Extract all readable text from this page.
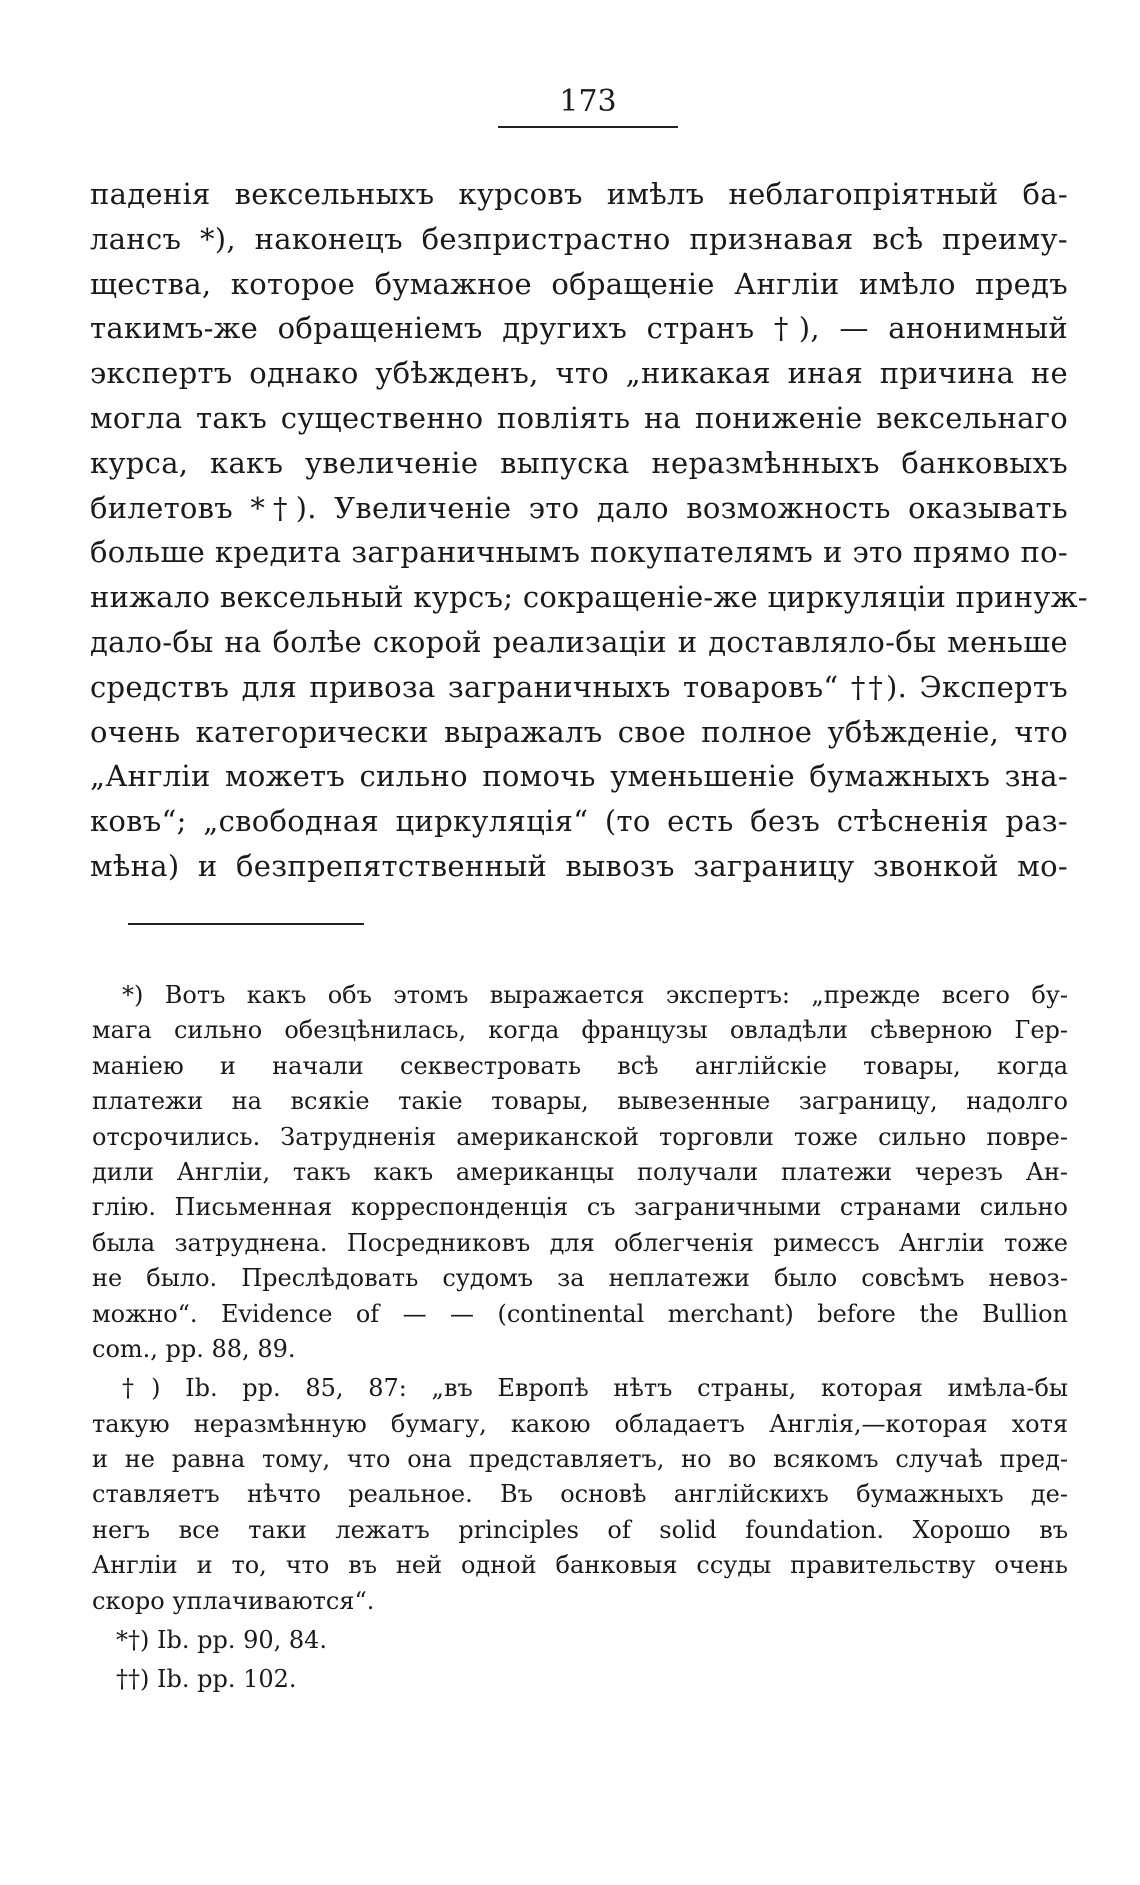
173
паденія вексельныхъ курсовъ имѣлъ неблагопріятный ба-
лансъ *), наконецъ безпристрастно признавая всѣ преиму-
щества, которое бумажное обращеніе Англіи имѣло предъ
такимъ-же обращеніемъ другихъ странъ †), — анонимный
экспертъ однако убѣжденъ, что „никакая иная причина не
могла такъ существенно повліять на пониженіе вексельнаго
курса, какъ увеличеніе выпуска неразмѣнныхъ банковыхъ
билетовъ *†). Увеличеніе это дало возможность оказывать
больше кредита заграничнымъ покупателямъ и это прямо по-
нижало вексельный курсъ; сокращеніе-же циркуляціи принуж-
дало-бы на болѣе скорой реализаціи и доставляло-бы меньше
средствъ для привоза заграничныхъ товаровъ“ ††). Экспертъ
очень категорически выражалъ свое полное убѣжденіе, что
„Англіи можетъ сильно помочь уменьшеніе бумажныхъ зна-
ковъ“; „свободная циркуляція“ (то есть безъ стѣсненія раз-
мѣна) и безпрепятственный вывозъ заграницу звонкой мо-
*) Вотъ какъ объ этомъ выражается экспертъ: „прежде всего бу-
мага сильно обезцѣнилась, когда французы овладѣли сѣверною Гер-
маніею и начали секвестровать всѣ англійскіе товары, когда
платежи на всякіе такіе товары, вывезенные заграницу, надолго
отсрочились. Затрудненія американской торговли тоже сильно повре-
дили Англіи, такъ какъ американцы получали платежи черезъ Ан-
глію. Письменная корреспонденція съ заграничными странами сильно
была затруднена. Посредниковъ для облегченія римессъ Англіи тоже
не было. Преслѣдовать судомъ за неплатежи было совсѣмъ невоз-
можно“. Evidence of — — (continental merchant) before the Bullion
com., pp. 88, 89.
†) Ib. pp. 85, 87: „въ Европѣ нѣтъ страны, которая имѣла-бы
такую неразмѣнную бумагу, какою обладаетъ Англія,—которая хотя
и не равна тому, что она представляетъ, но во всякомъ случаѣ пред-
ставляетъ нѣчто реальное. Въ основѣ англійскихъ бумажныхъ де-
негъ все таки лежатъ principles of solid foundation. Хорошо въ
Англіи и то, что въ ней одной банковыя ссуды правительству очень
скоро уплачиваются“.
*†) Ib. pp. 90, 84.
††) Ib. pp. 102.
